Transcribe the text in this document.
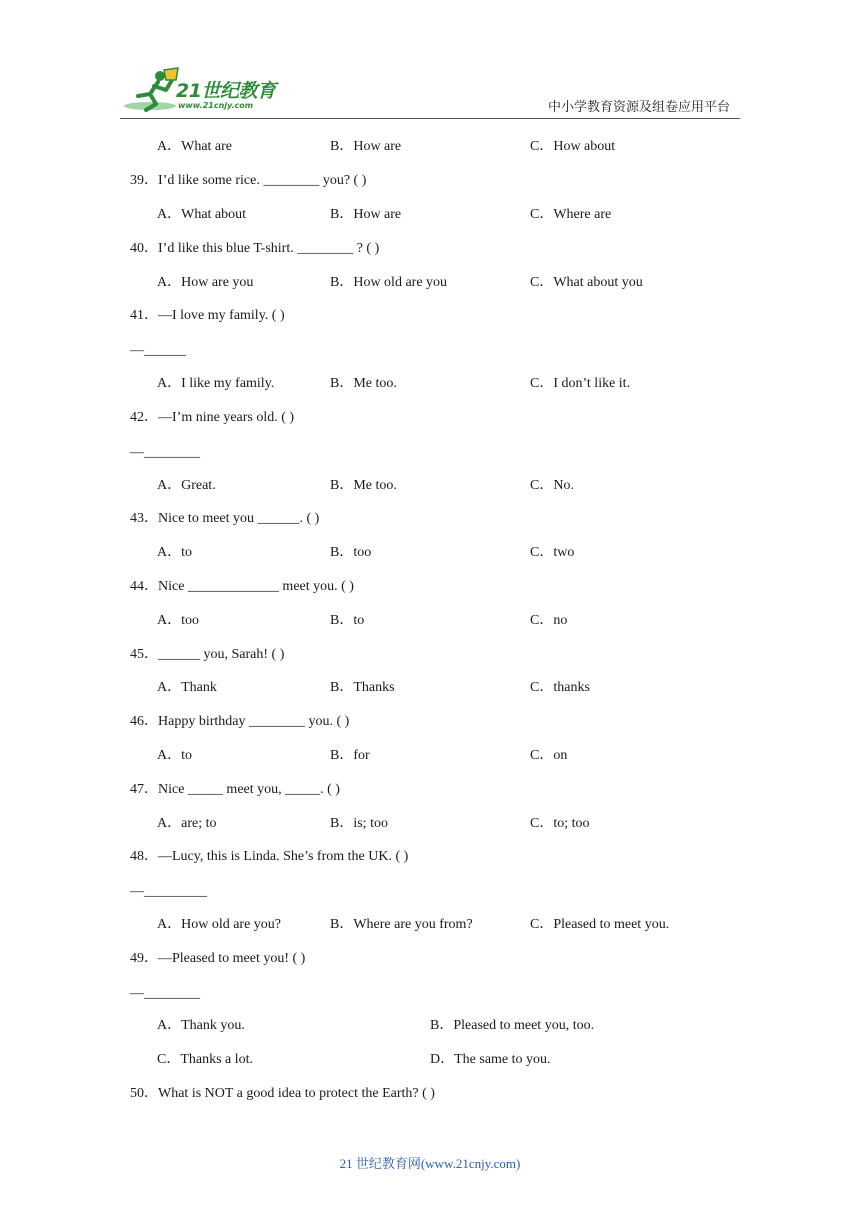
21世纪教育
www.21cnjy.com	中小学教育资源及组卷应用平台
A．What are	B．How are	C．How about
39．I’d like some rice. ________ you? ( )
A．What about	B．How are	C．Where are
40．I’d like this blue T-shirt. ________ ? ( )
A．How are you	B．How old are you	C．What about you
41．—I love my family. ( )
—______
A．I like my family.	B．Me too.	C．I don’t like it.
42．—I’m nine years old. ( )
—________
A．Great.	B．Me too.	C．No.
43．Nice to meet you ______. ( )
A．to	B．too	C．two
44．Nice _____________ meet you. ( )
A．too	B．to	C．no
45．______ you, Sarah! ( )
A．Thank	B．Thanks	C．thanks
46．Happy birthday ________ you. ( )
A．to	B．for	C．on
47．Nice _____ meet you, _____. ( )
A．are; to	B．is; too	C．to; too
48．—Lucy, this is Linda. She’s from the UK. ( )
—_________
A．How old are you?	B．Where are you from?	C．Pleased to meet you.
49．—Pleased to meet you! ( )
—________
A．Thank you.	B．Pleased to meet you, too.
C．Thanks a lot.	D．The same to you.
50．What is NOT a good idea to protect the Earth? ( )
21 世纪教育网(www.21cnjy.com)
